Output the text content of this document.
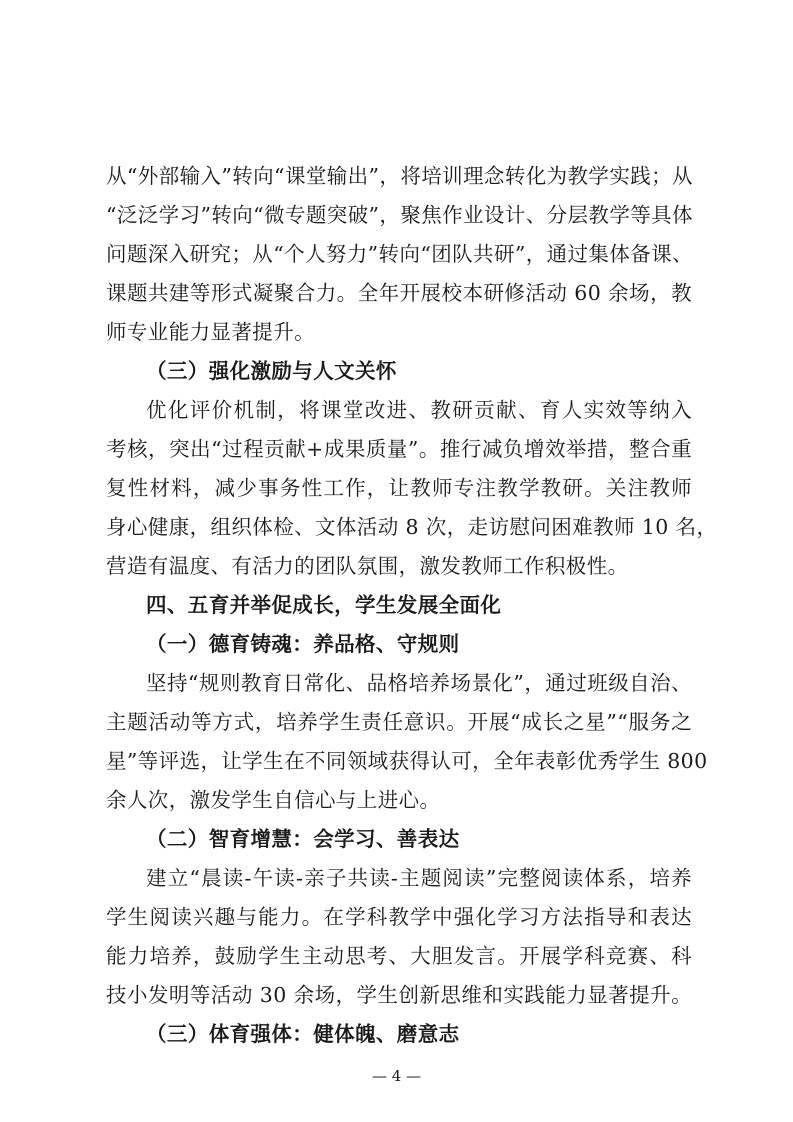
从“外部输入”转向“课堂输出”，将培训理念转化为教学实践；从
“泛泛学习”转向“微专题突破”，聚焦作业设计、分层教学等具体
问题深入研究；从“个人努力”转向“团队共研”，通过集体备课、
课题共建等形式凝聚合力。全年开展校本研修活动 60 余场，教
师专业能力显著提升。
（三）强化激励与人文关怀
优化评价机制，将课堂改进、教研贡献、育人实效等纳入
考核，突出“过程贡献+成果质量”。推行减负增效举措，整合重
复性材料，减少事务性工作，让教师专注教学教研。关注教师
身心健康，组织体检、文体活动 8 次，走访慰问困难教师 10 名，
营造有温度、有活力的团队氛围，激发教师工作积极性。
四、五育并举促成长，学生发展全面化
（一）德育铸魂：养品格、守规则
坚持“规则教育日常化、品格培养场景化”，通过班级自治、
主题活动等方式，培养学生责任意识。开展“成长之星”“服务之
星”等评选，让学生在不同领域获得认可，全年表彰优秀学生 800
余人次，激发学生自信心与上进心。
（二）智育增慧：会学习、善表达
建立“晨读-午读-亲子共读-主题阅读”完整阅读体系，培养
学生阅读兴趣与能力。在学科教学中强化学习方法指导和表达
能力培养，鼓励学生主动思考、大胆发言。开展学科竞赛、科
技小发明等活动 30 余场，学生创新思维和实践能力显著提升。
（三）体育强体：健体魄、磨意志
— 4 —
